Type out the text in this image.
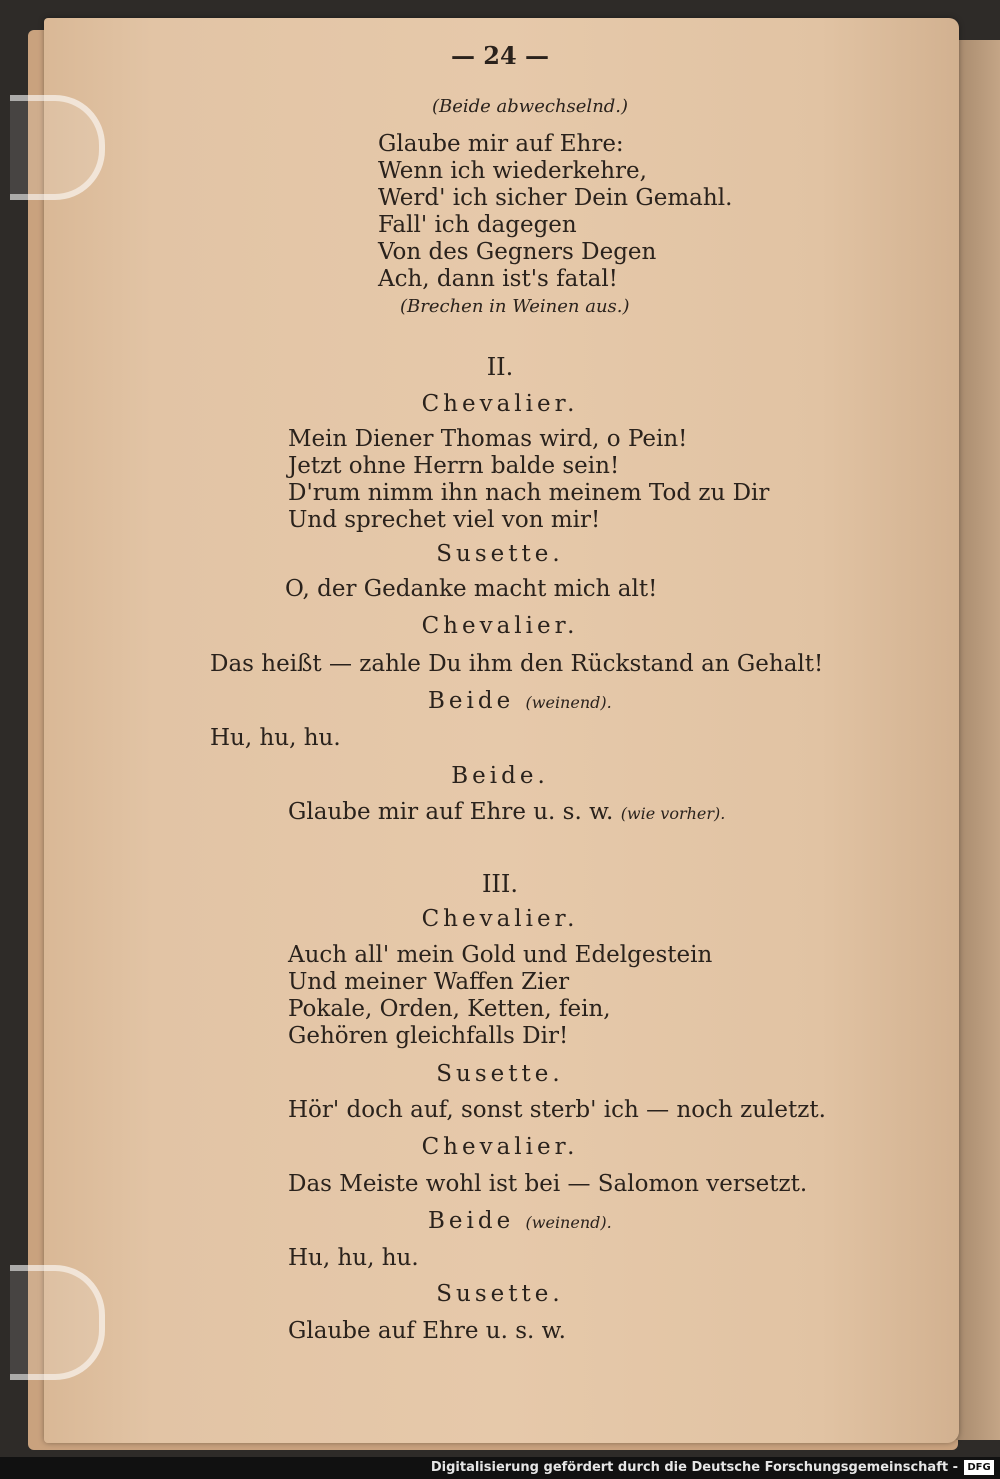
— 24 —
(Beide abwechselnd.)
Glaube mir auf Ehre:
Wenn ich wiederkehre,
Werd' ich sicher Dein Gemahl.
Fall' ich dagegen
Von des Gegners Degen
Ach, dann ist's fatal!
(Brechen in Weinen aus.)
II.
Chevalier.
Mein Diener Thomas wird, o Pein!
Jetzt ohne Herrn balde sein!
D'rum nimm ihn nach meinem Tod zu Dir
Und sprechet viel von mir!
Susette.
O, der Gedanke macht mich alt!
Chevalier.
Das heißt — zahle Du ihm den Rückstand an Gehalt!
Beide (weinend).
Hu, hu, hu.
Beide.
Glaube mir auf Ehre u. s. w. (wie vorher).
III.
Chevalier.
Auch all' mein Gold und Edelgestein
Und meiner Waffen Zier
Pokale, Orden, Ketten, fein,
Gehören gleichfalls Dir!
Susette.
Hör' doch auf, sonst sterb' ich — noch zuletzt.
Chevalier.
Das Meiste wohl ist bei — Salomon versetzt.
Beide (weinend).
Hu, hu, hu.
Susette.
Glaube auf Ehre u. s. w.
Digitalisierung gefördert durch die Deutsche Forschungsgemeinschaft - DFG
